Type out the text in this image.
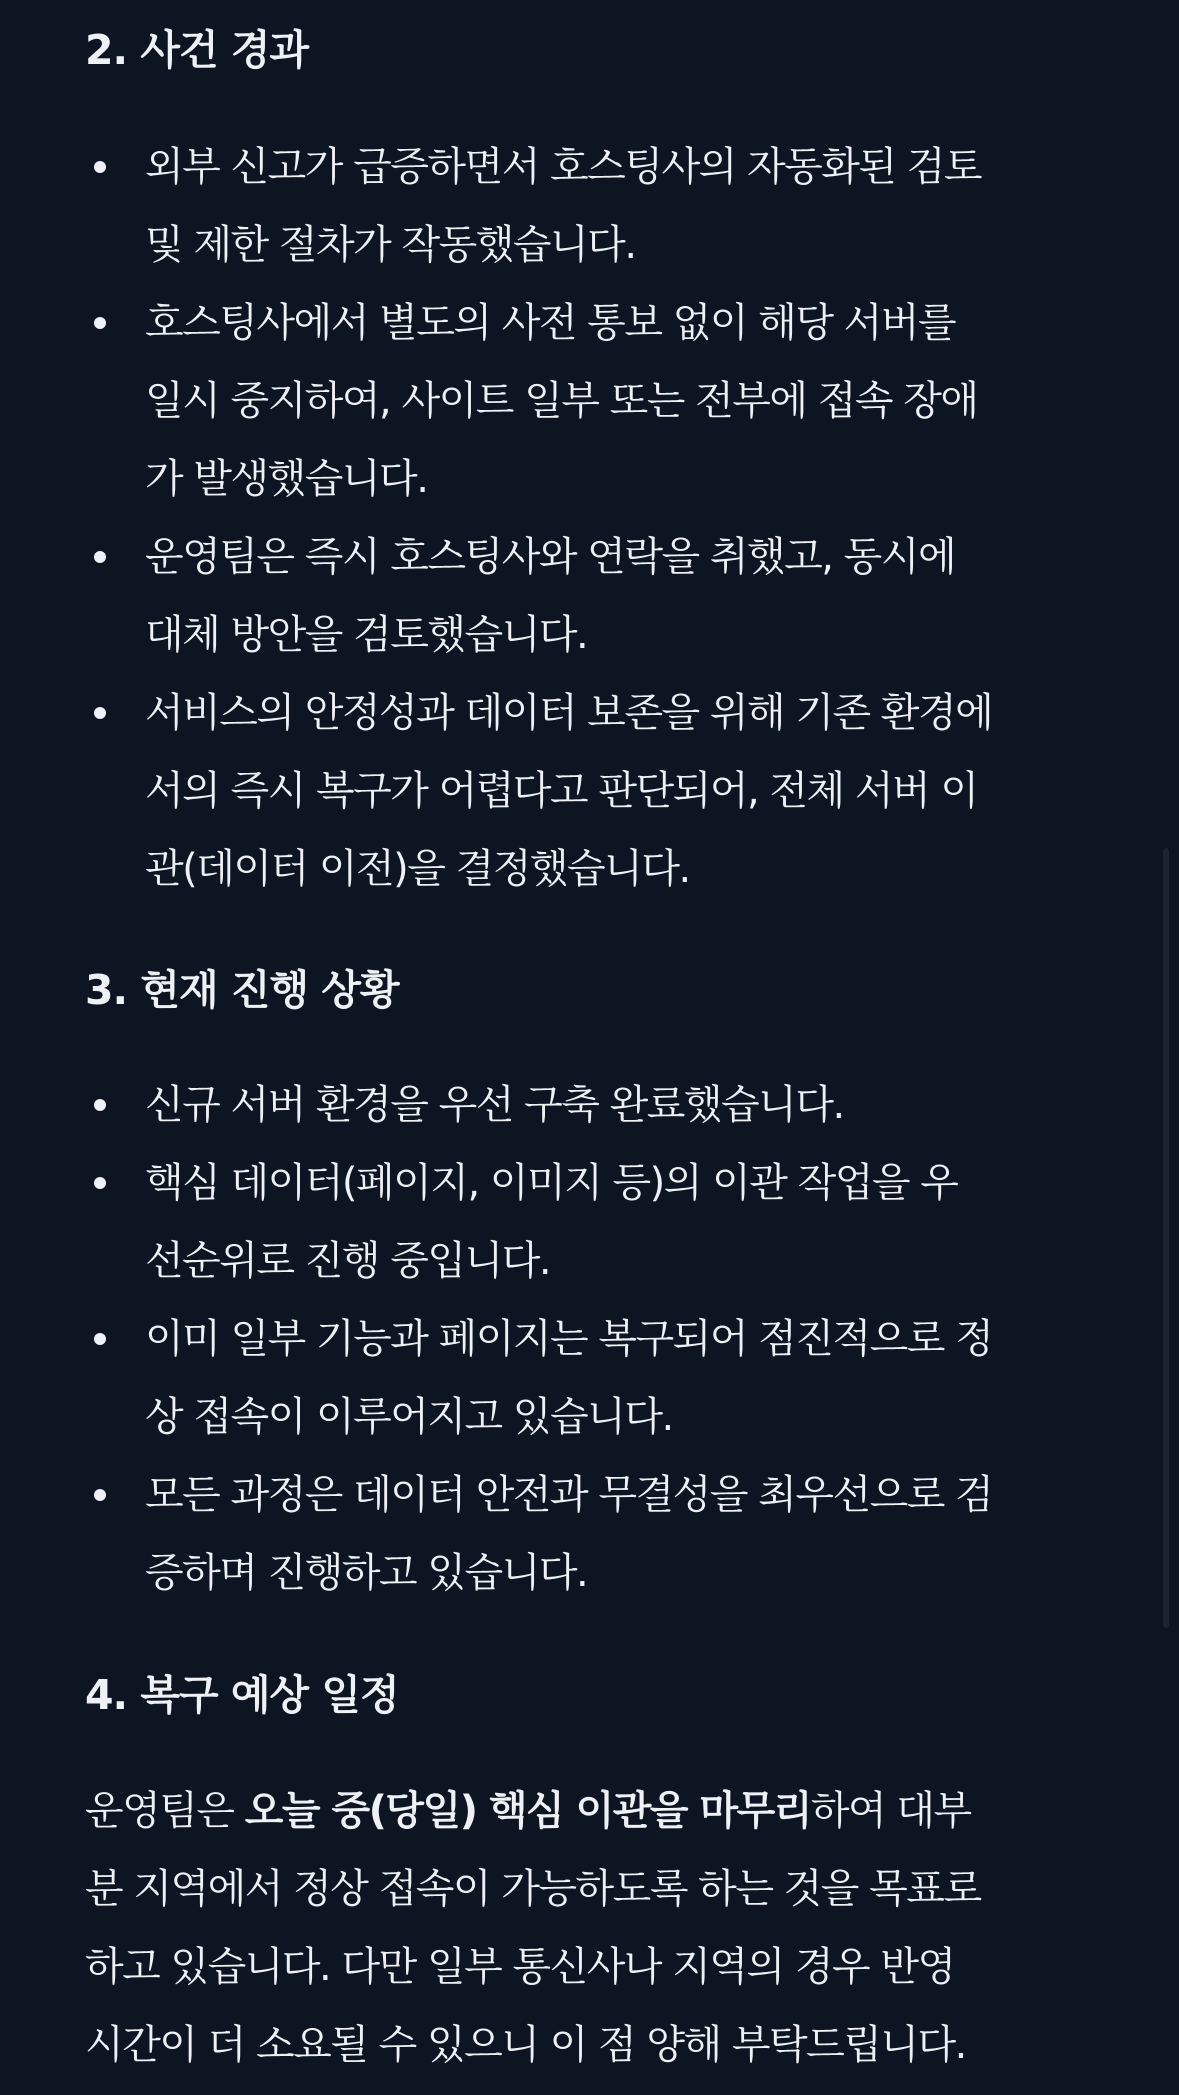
2. 사건 경과
외부 신고가 급증하면서 호스팅사의 자동화된 검토
및 제한 절차가 작동했습니다.
호스팅사에서 별도의 사전 통보 없이 해당 서버를
일시 중지하여, 사이트 일부 또는 전부에 접속 장애
가 발생했습니다.
운영팀은 즉시 호스팅사와 연락을 취했고, 동시에
대체 방안을 검토했습니다.
서비스의 안정성과 데이터 보존을 위해 기존 환경에
서의 즉시 복구가 어렵다고 판단되어, 전체 서버 이
관(데이터 이전)을 결정했습니다.
3. 현재 진행 상황
신규 서버 환경을 우선 구축 완료했습니다.
핵심 데이터(페이지, 이미지 등)의 이관 작업을 우
선순위로 진행 중입니다.
이미 일부 기능과 페이지는 복구되어 점진적으로 정
상 접속이 이루어지고 있습니다.
모든 과정은 데이터 안전과 무결성을 최우선으로 검
증하며 진행하고 있습니다.
4. 복구 예상 일정
운영팀은 오늘 중(당일) 핵심 이관을 마무리하여 대부
분 지역에서 정상 접속이 가능하도록 하는 것을 목표로
하고 있습니다. 다만 일부 통신사나 지역의 경우 반영
시간이 더 소요될 수 있으니 이 점 양해 부탁드립니다.
